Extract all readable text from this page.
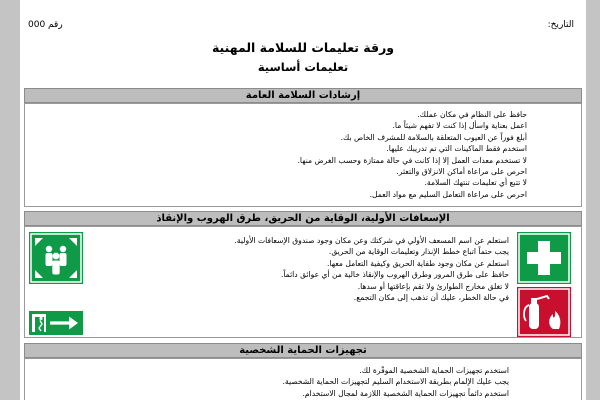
رقم 000	التاريخ:
ورقة تعليمات للسلامة المهنية
تعليمات أساسية
إرشادات السلامة العامة
حافظ على النظام في مكان عملك.
اعمل بعناية واسأل إذا كنت لا تفهم شيئاً ما.
أبلغ فوراً عن العيوب المتعلقة بالسلامة للمشرف الخاص بك.
استخدم فقط الماكينات التي تم تدريبك عليها.
لا تستخدم معدات العمل إلا إذا كانت في حالة ممتازة وحسب الغرض منها.
احرص على مراعاة أماكن الانزلاق والتعثر.
لا تتبع أي تعليمات تنتهك السلامة.
احرص على مراعاة التعامل السليم مع مواد العمل.
الإسعافات الأولية، الوقاية من الحريق، طرق الهروب والإنقاذ
استعلم عن اسم المسعف الأولي في شركتك وعن مكان وجود صندوق الإسعافات الأولية.
يجب حتماً اتباع خطط الإنذار وتعليمات الوقاية من الحريق.
استعلم عن مكان وجود طفاية الحريق وكيفية التعامل معها.
حافظ على طرق المرور وطرق الهروب والإنقاذ خالية من أي عوائق دائماً.
لا تغلق مخارج الطوارئ ولا تقم بإعاقتها أو سدها.
في حالة الخطر، عليك أن تذهب إلى مكان التجمع.
تجهيزات الحماية الشخصية
استخدم تجهيزات الحماية الشخصية الموفّرة لك.
يجب عليك الإلمام بطريقة الاستخدام السليم لتجهيزات الحماية الشخصية.
استخدم دائماً تجهيزات الحماية الشخصية اللازمة لمجال الاستخدام.
